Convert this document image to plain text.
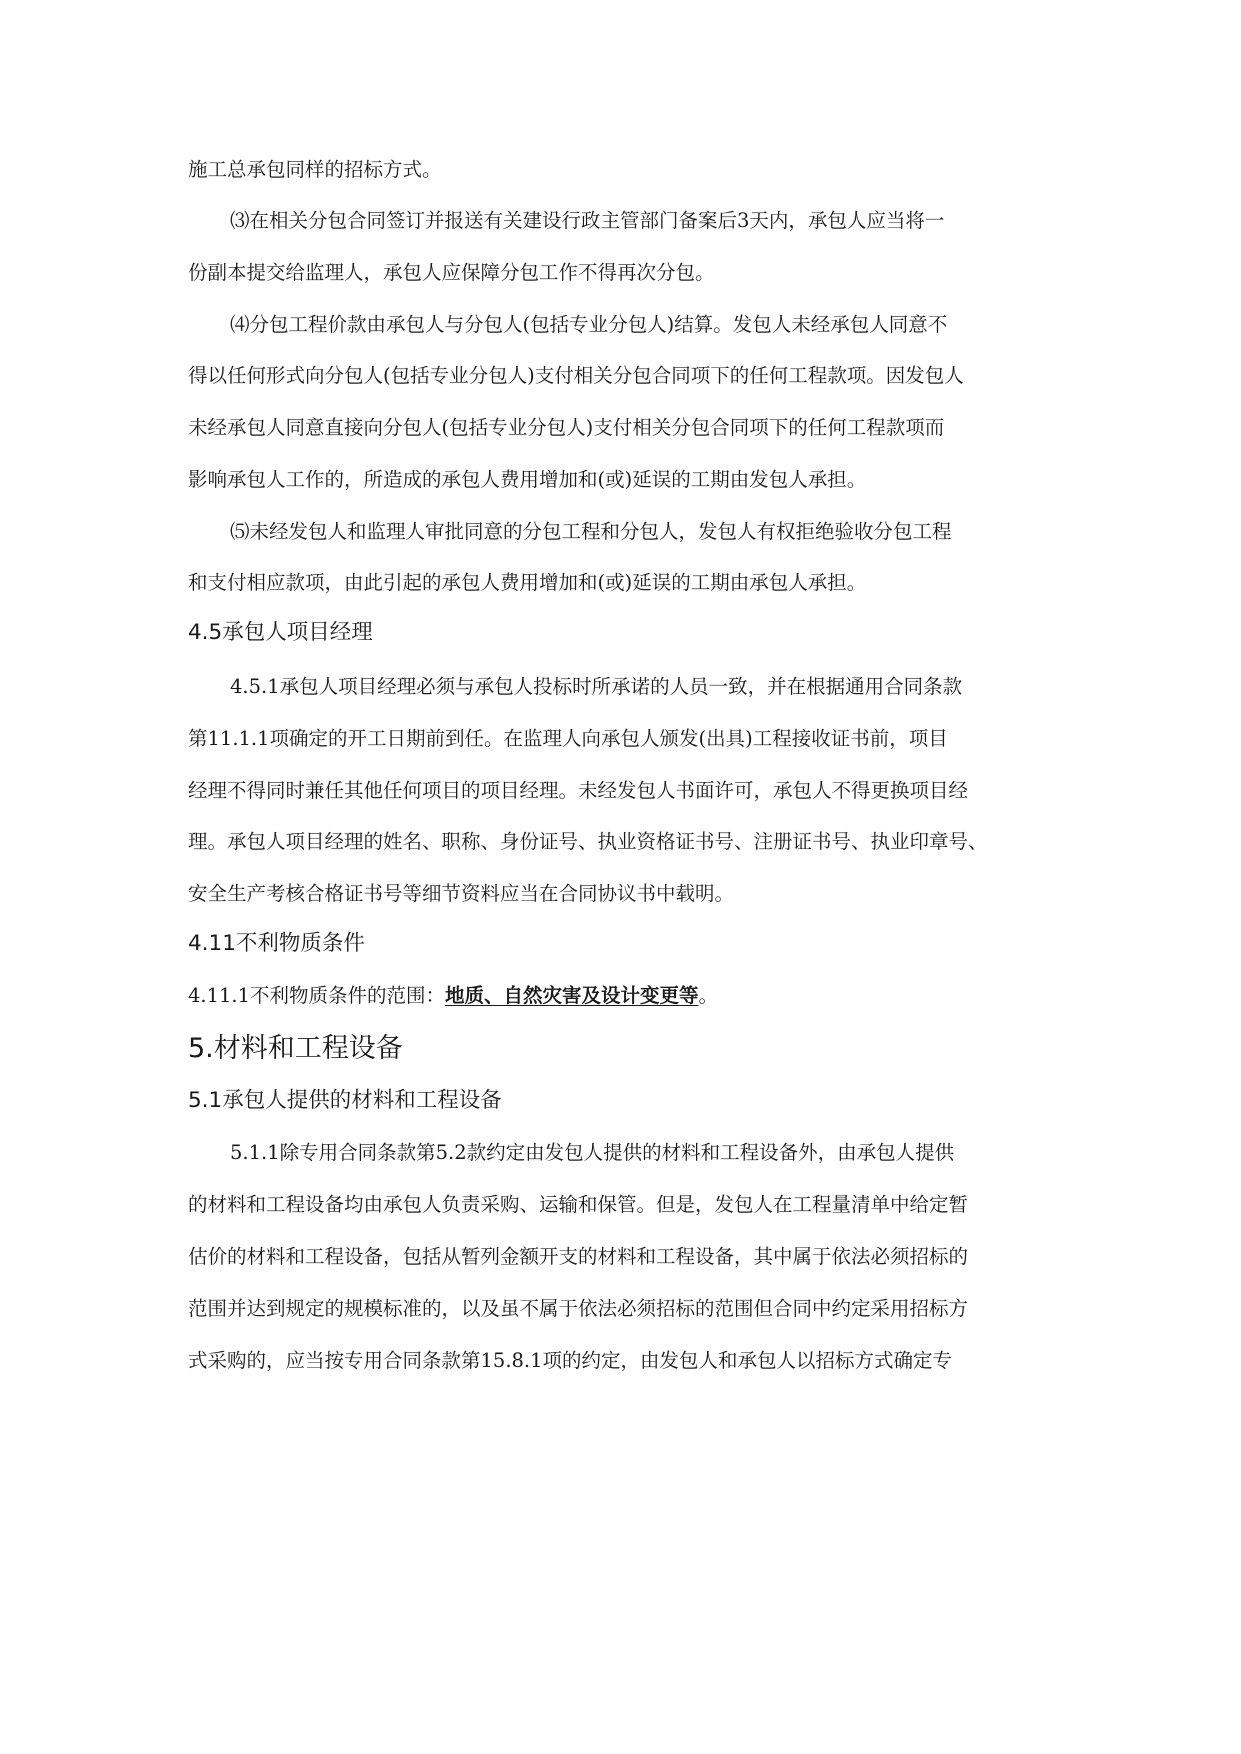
施工总承包同样的招标方式。
⑶在相关分包合同签订并报送有关建设行政主管部门备案后3天内，承包人应当将一
份副本提交给监理人，承包人应保障分包工作不得再次分包。
⑷分包工程价款由承包人与分包人(包括专业分包人)结算。发包人未经承包人同意不
得以任何形式向分包人(包括专业分包人)支付相关分包合同项下的任何工程款项。因发包人
未经承包人同意直接向分包人(包括专业分包人)支付相关分包合同项下的任何工程款项而
影响承包人工作的，所造成的承包人费用增加和(或)延误的工期由发包人承担。
⑸未经发包人和监理人审批同意的分包工程和分包人，发包人有权拒绝验收分包工程
和支付相应款项，由此引起的承包人费用增加和(或)延误的工期由承包人承担。
4.5承包人项目经理
4.5.1承包人项目经理必须与承包人投标时所承诺的人员一致，并在根据通用合同条款
第11.1.1项确定的开工日期前到任。在监理人向承包人颁发(出具)工程接收证书前，项目
经理不得同时兼任其他任何项目的项目经理。未经发包人书面许可，承包人不得更换项目经
理。承包人项目经理的姓名、职称、身份证号、执业资格证书号、注册证书号、执业印章号、
安全生产考核合格证书号等细节资料应当在合同协议书中载明。
4.11不利物质条件
4.11.1不利物质条件的范围：地质、自然灾害及设计变更等。
5.材料和工程设备
5.1承包人提供的材料和工程设备
5.1.1除专用合同条款第5.2款约定由发包人提供的材料和工程设备外，由承包人提供
的材料和工程设备均由承包人负责采购、运输和保管。但是，发包人在工程量清单中给定暂
估价的材料和工程设备，包括从暂列金额开支的材料和工程设备，其中属于依法必须招标的
范围并达到规定的规模标准的，以及虽不属于依法必须招标的范围但合同中约定采用招标方
式采购的，应当按专用合同条款第15.8.1项的约定，由发包人和承包人以招标方式确定专
